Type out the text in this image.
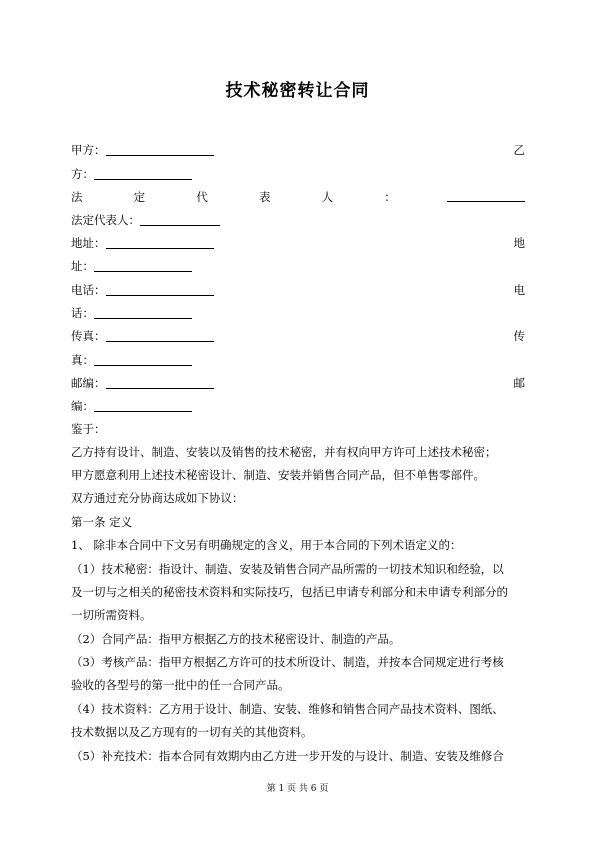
技术秘密转让合同
甲方：	乙
方：
法	定	代	表	人	：
法定代表人：
地址：	地
址：
电话：	电
话：
传真：	传
真：
邮编：	邮
编：
鉴于：
乙方持有设计、制造、安装以及销售的技术秘密，并有权向甲方许可上述技术秘密；
甲方愿意利用上述技术秘密设计、制造、安装并销售合同产品，但不单售零部件。
双方通过充分协商达成如下协议：
第一条 定义
1、 除非本合同中下文另有明确规定的含义，用于本合同的下列术语定义的：
（1）技术秘密：指设计、制造、安装及销售合同产品所需的一切技术知识和经验，以
及一切与之相关的秘密技术资料和实际技巧，包括已申请专利部分和未申请专利部分的
一切所需资料。
（2）合同产品：指甲方根据乙方的技术秘密设计、制造的产品。
（3）考核产品：指甲方根据乙方许可的技术所设计、制造，并按本合同规定进行考核
验收的各型号的第一批中的任一合同产品。
（4）技术资料：乙方用于设计、制造、安装、维修和销售合同产品技术资料、图纸、
技术数据以及乙方现有的一切有关的其他资料。
（5）补充技术：指本合同有效期内由乙方进一步开发的与设计、制造、安装及维修合
第 1 页 共 6 页
